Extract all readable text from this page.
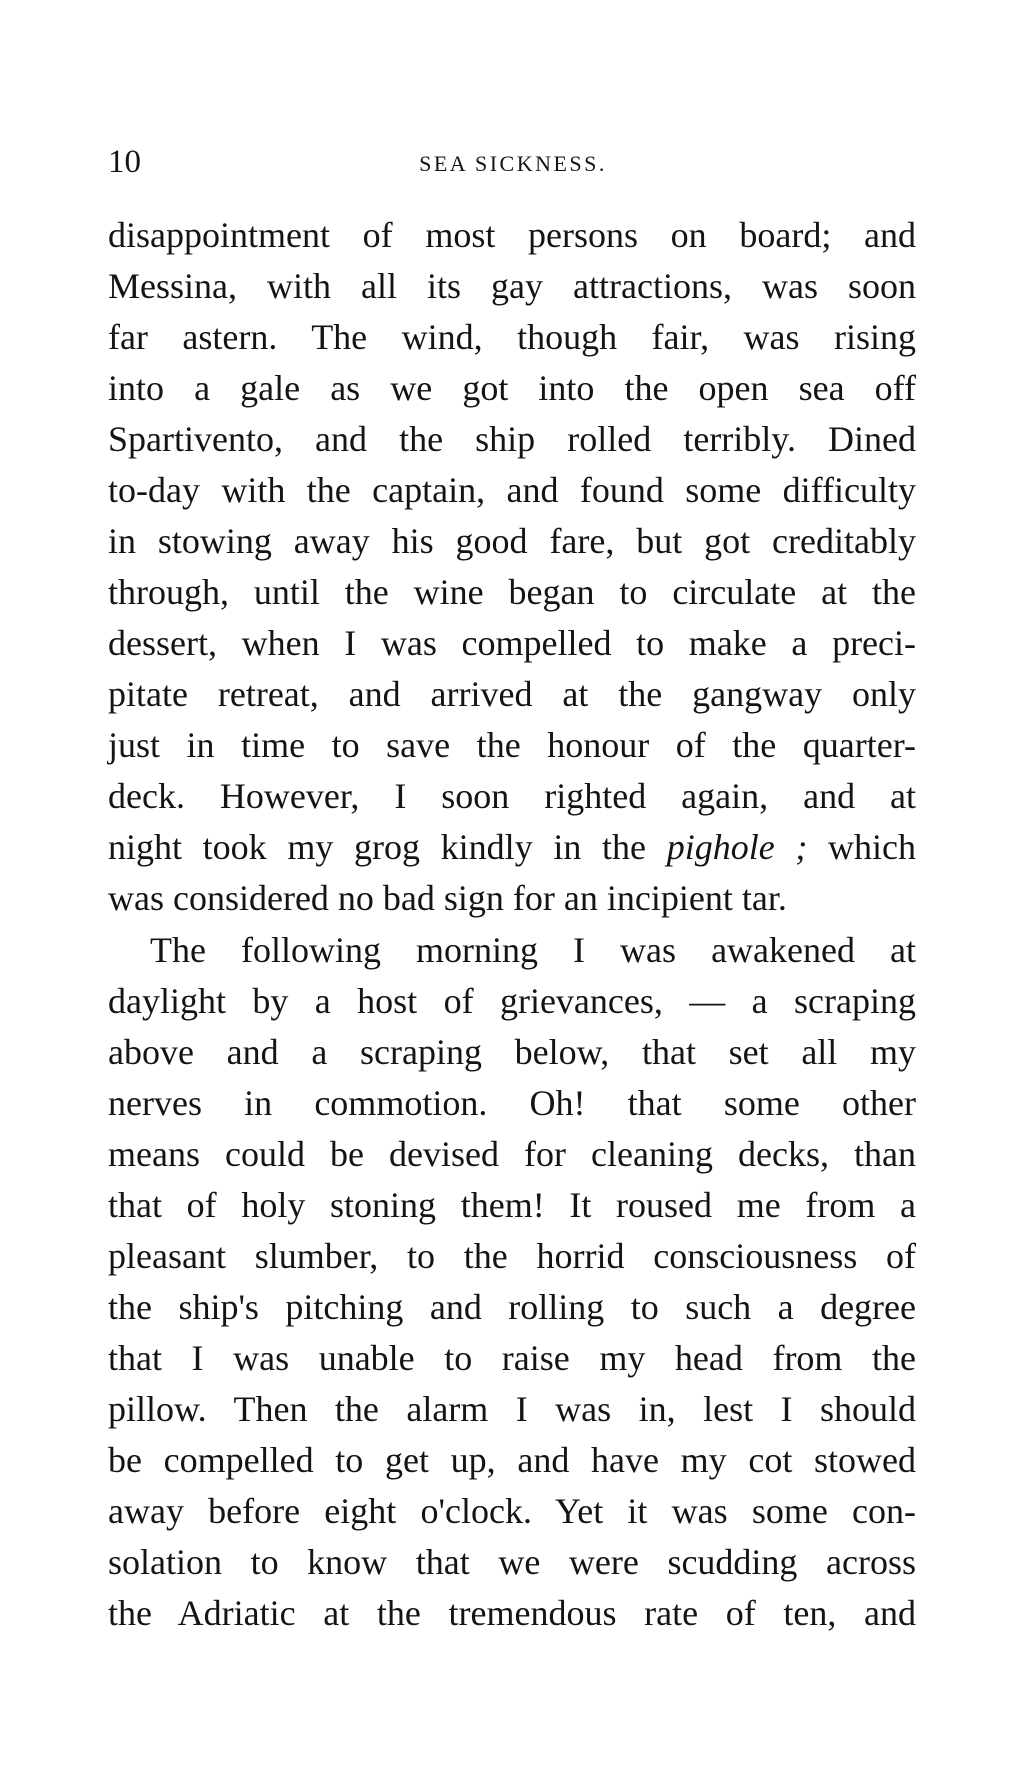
10	SEA SICKNESS.
disappointment of most persons on board; and
Messina, with all its gay attractions, was soon
far astern. The wind, though fair, was rising
into a gale as we got into the open sea off
Spartivento, and the ship rolled terribly. Dined
to-day with the captain, and found some difficulty
in stowing away his good fare, but got creditably
through, until the wine began to circulate at the
dessert, when I was compelled to make a preci-
pitate retreat, and arrived at the gangway only
just in time to save the honour of the quarter-
deck. However, I soon righted again, and at
night took my grog kindly in the pighole ; which
was considered no bad sign for an incipient tar.
The following morning I was awakened at
daylight by a host of grievances, — a scraping
above and a scraping below, that set all my
nerves in commotion. Oh! that some other
means could be devised for cleaning decks, than
that of holy stoning them! It roused me from a
pleasant slumber, to the horrid consciousness of
the ship's pitching and rolling to such a degree
that I was unable to raise my head from the
pillow. Then the alarm I was in, lest I should
be compelled to get up, and have my cot stowed
away before eight o'clock. Yet it was some con-
solation to know that we were scudding across
the Adriatic at the tremendous rate of ten, and
